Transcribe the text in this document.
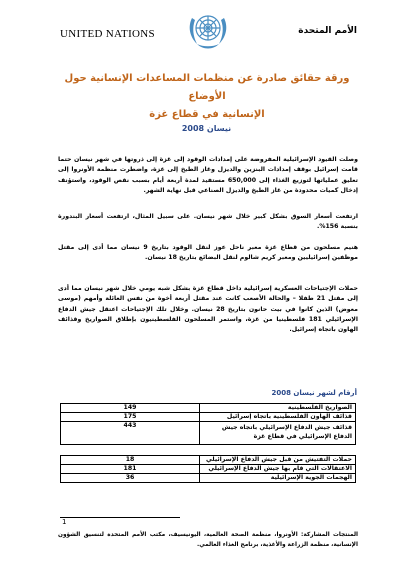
UNITED NATIONS	الأمم المتحدة
ورقة حقائق صادرة عن منظمات المساعدات الإنسانية حول الأوضاع
الإنسانية في قطاع غزة
نيسان 2008
وصلت القيود الإسرائيلية المفروضة على إمدادات الوقود إلى غزة إلى ذروتها في شهر نيسان حتما قامت إسرائيل بوقف إمدادات البنزين والديزل وغاز الطبخ إلى غزة، واضطرت منظمة الأونروا إلى تعليق عملياتها لتوزيع الغذاء إلى 650,000 مستفيد لمدة أربعة أيام بسبب نقص الوقود، واستؤنف إدخال كميات محدودة من غاز الطبخ والديزل الصناعي قبل نهاية الشهر.
ارتفعت أسعار السوق بشكل كبير خلال شهر نيسان. على سبيل المثال، ارتفعت أسعار البندورة بنسبة 156%.
هنيم مسلحون من قطاع غزة معبر ناحل عوز لنقل الوقود بتاريخ 9 نيسان مما أدى إلى مقتل موظفين إسرائيليين ومعبر كريم شالوم لنقل البضائع بتاريخ 18 نيسان.
حملات الإجتياحات العسكرية إسرائيلية داخل قطاع غزة بشكل شبه يومي خلال شهر نيسان مما أدى إلى مقتل 21 طفلا – والحالة الأصعب كانت عند مقتل أربعة أخوة من نفس العائلة وأمهم (موسى معوض) الذين كانوا في بيت حانون بتاريخ 28 نيسان. وخلال تلك الإجتياحات اعتقل جيش الدفاع الإسرائيلي 181 فلسطينيا من غزة، واستمر المسلحون الفلسطينيون بإطلاق الصواريخ وقذائف الهاون باتجاه إسرائيل.
أرقام لشهر نيسان 2008
الصواريخ الفلسطينية	149
قذائف الهاون الفلسطينية باتجاه إسرائيل	175
قذائف جيش الدفاع الإسرائيلي باتجاه جيش الدفاع الإسرائيلي في قطاع غزة	443

حملات التفتيش من قبل جيش الدفاع الإسرائيلي	18
الاعتقالات التي قام بها جيش الدفاع الإسرائيلي	181
الهجمات الجوية الإسرائيلية	36
1
المنتجات المشاركة: الأونروا، منظمة الصحة العالمية، اليونيسيف، مكتب الأمم المتحدة لتنسيق الشؤون الإنسانية، منظمة الزراعة والأغذية، برنامج الغذاء العالمي.
